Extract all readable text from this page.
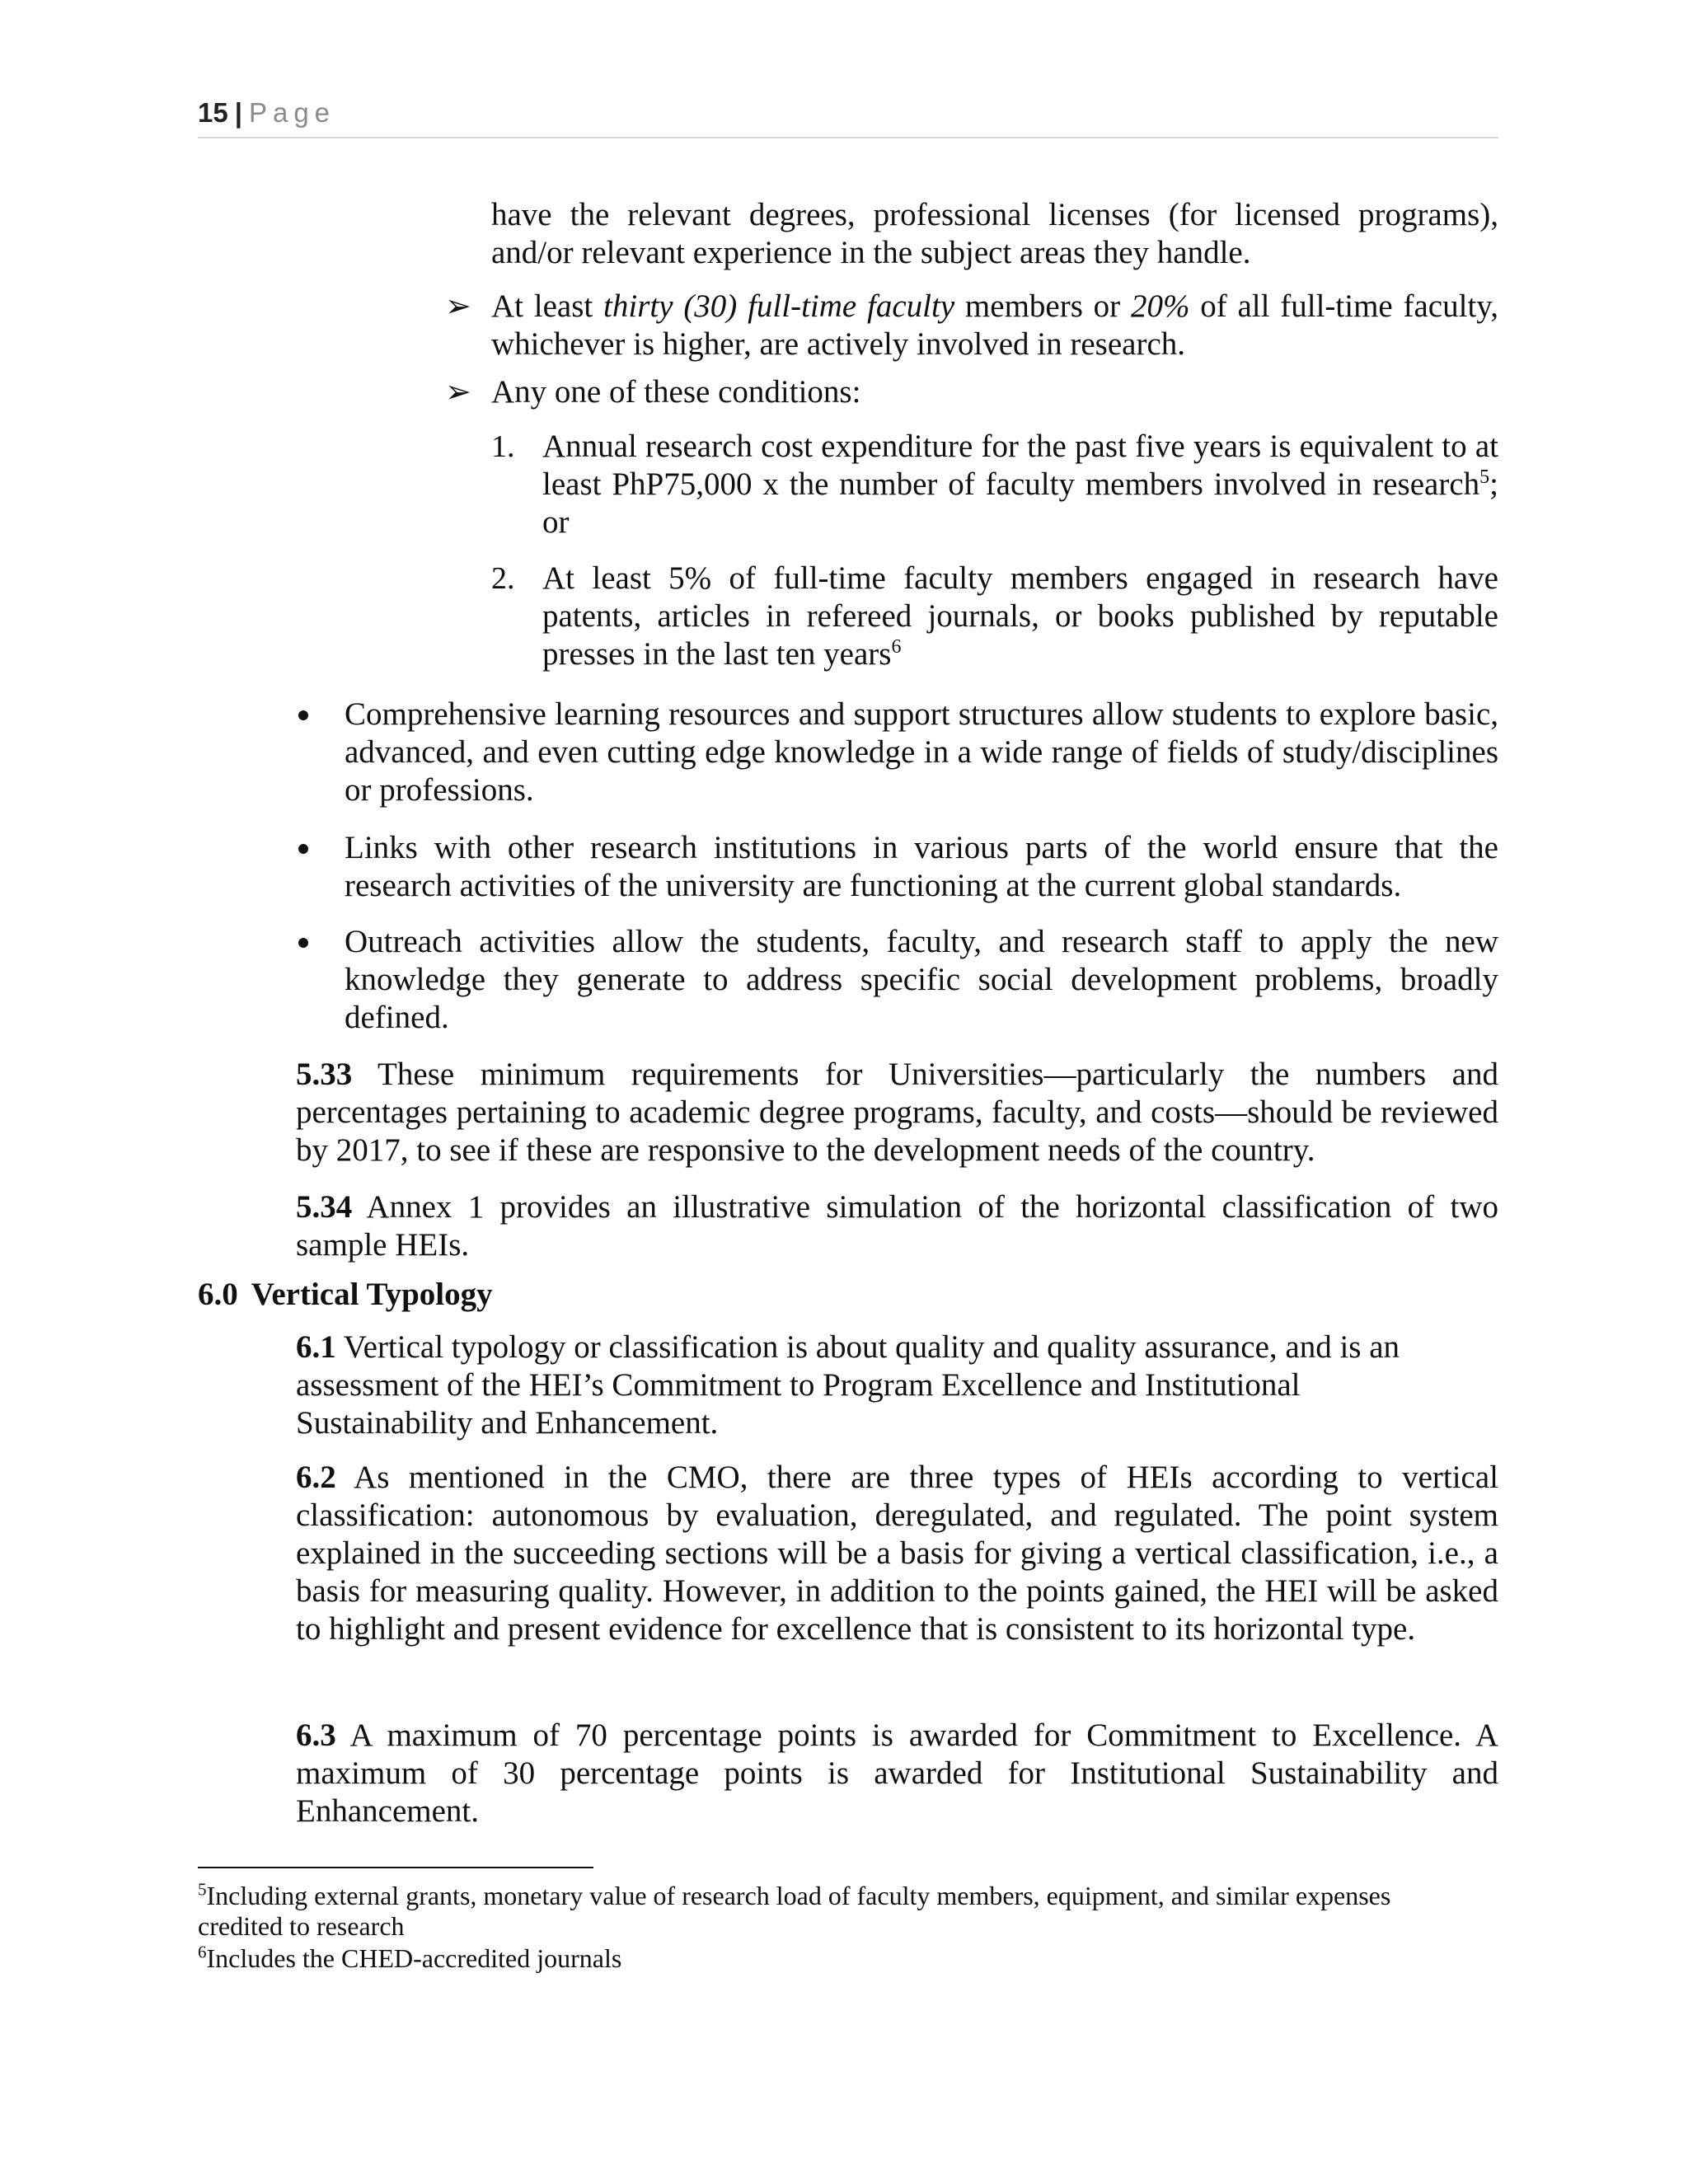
15 | Page

have the relevant degrees, professional licenses (for licensed programs), and/or relevant experience in the subject areas they handle.

➢ At least thirty (30) full-time faculty members or 20% of all full-time faculty, whichever is higher, are actively involved in research.

➢ Any one of these conditions:

1. Annual research cost expenditure for the past five years is equivalent to at least PhP75,000 x the number of faculty members involved in research$^5$; or

2. At least 5% of full-time faculty members engaged in research have patents, articles in refereed journals, or books published by reputable presses in the last ten years$^6$

Comprehensive learning resources and support structures allow students to explore basic, advanced, and even cutting edge knowledge in a wide range of fields of study/disciplines or professions.

Links with other research institutions in various parts of the world ensure that the research activities of the university are functioning at the current global standards.

Outreach activities allow the students, faculty, and research staff to apply the new knowledge they generate to address specific social development problems, broadly defined.

5.33 These minimum requirements for Universities—particularly the numbers and percentages pertaining to academic degree programs, faculty, and costs—should be reviewed by 2017, to see if these are responsive to the development needs of the country.

5.34 Annex 1 provides an illustrative simulation of the horizontal classification of two sample HEIs.

6.0 Vertical Typology

6.1 Vertical typology or classification is about quality and quality assurance, and is an
assessment of the HEI’s Commitment to Program Excellence and Institutional
Sustainability and Enhancement.

6.2 As mentioned in the CMO, there are three types of HEIs according to vertical classification: autonomous by evaluation, deregulated, and regulated. The point system explained in the succeeding sections will be a basis for giving a vertical classification, i.e., a basis for measuring quality. However, in addition to the points gained, the HEI will be asked to highlight and present evidence for excellence that is consistent to its horizontal type.

6.3 A maximum of 70 percentage points is awarded for Commitment to Excellence. A maximum of 30 percentage points is awarded for Institutional Sustainability and Enhancement.

$^5$Including external grants, monetary value of research load of faculty members, equipment, and similar expenses
credited to research

$^6$Includes the CHED-accredited journals
